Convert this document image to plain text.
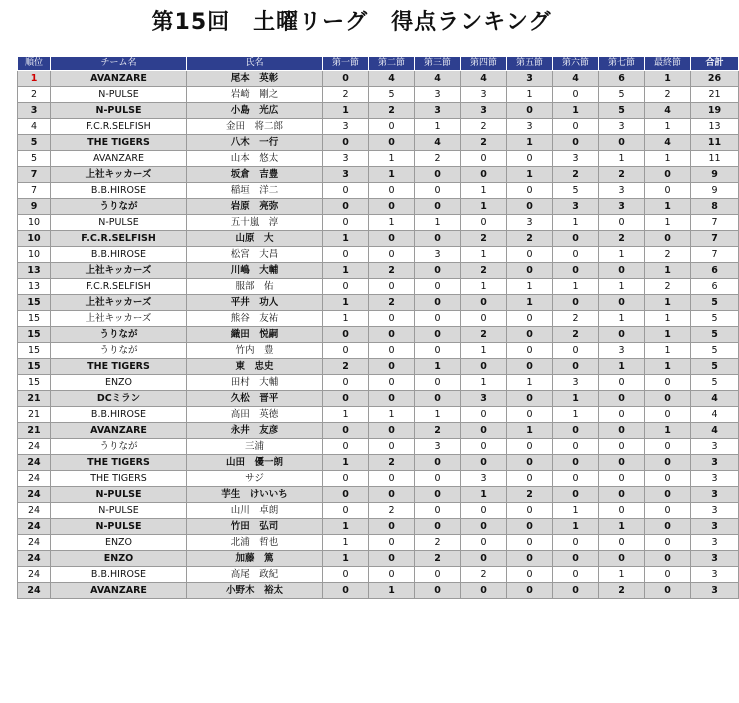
第15回　土曜リーグ　得点ランキング
順位	チーム名	氏名	第一節	第二節	第三節	第四節	第五節	第六節	第七節	最終節	合計
1	AVANZARE	尾本　英彰	0	4	4	4	3	4	6	1	26
2	N-PULSE	岩崎　剛之	2	5	3	3	1	0	5	2	21
3	N-PULSE	小島　光広	1	2	3	3	0	1	5	4	19
4	F.C.R.SELFISH	金田　将二郎	3	0	1	2	3	0	3	1	13
5	THE TIGERS	八木　一行	0	0	4	2	1	0	0	4	11
5	AVANZARE	山本　悠太	3	1	2	0	0	3	1	1	11
7	上社キッカーズ	坂倉　吉豊	3	1	0	0	1	2	2	0	9
7	B.B.HIROSE	稲垣　洋二	0	0	0	1	0	5	3	0	9
9	うりなが	岩原　亮弥	0	0	0	1	0	3	3	1	8
10	N-PULSE	五十嵐　淳	0	1	1	0	3	1	0	1	7
10	F.C.R.SELFISH	山原　大	1	0	0	2	2	0	2	0	7
10	B.B.HIROSE	松宮　大昌	0	0	3	1	0	0	1	2	7
13	上社キッカーズ	川嶋　大輔	1	2	0	2	0	0	0	1	6
13	F.C.R.SELFISH	服部　佑	0	0	0	1	1	1	1	2	6
15	上社キッカーズ	平井　功人	1	2	0	0	1	0	0	1	5
15	上社キッカーズ	熊谷　友祐	1	0	0	0	0	2	1	1	5
15	うりなが	織田　悦嗣	0	0	0	2	0	2	0	1	5
15	うりなが	竹内　豊	0	0	0	1	0	0	3	1	5
15	THE TIGERS	東　忠史	2	0	1	0	0	0	1	1	5
15	ENZO	田村　大輔	0	0	0	1	1	3	0	0	5
21	DCミラン	久松　晋平	0	0	0	3	0	1	0	0	4
21	B.B.HIROSE	高田　英徳	1	1	1	0	0	1	0	0	4
21	AVANZARE	永井　友彦	0	0	2	0	1	0	0	1	4
24	うりなが	三浦	0	0	3	0	0	0	0	0	3
24	THE TIGERS	山田　優一朗	1	2	0	0	0	0	0	0	3
24	THE TIGERS	サジ	0	0	0	3	0	0	0	0	3
24	N-PULSE	芋生　けいいち	0	0	0	1	2	0	0	0	3
24	N-PULSE	山川　卓朗	0	2	0	0	0	1	0	0	3
24	N-PULSE	竹田　弘司	1	0	0	0	0	1	1	0	3
24	ENZO	北浦　哲也	1	0	2	0	0	0	0	0	3
24	ENZO	加藤　篤	1	0	2	0	0	0	0	0	3
24	B.B.HIROSE	高尾　政紀	0	0	0	2	0	0	1	0	3
24	AVANZARE	小野木　裕太	0	1	0	0	0	0	2	0	3
